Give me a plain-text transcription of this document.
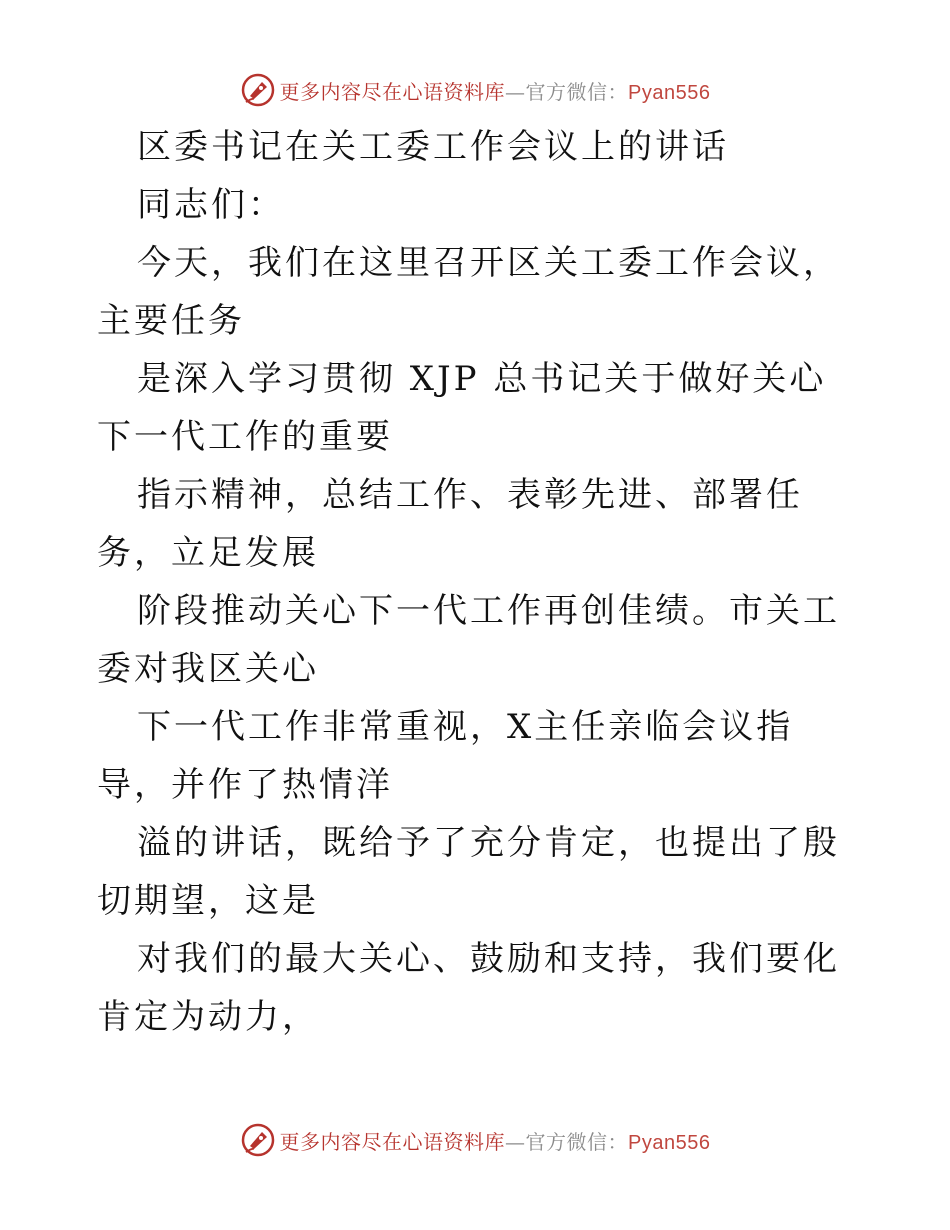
更多内容尽在心语资料库—官方微信：Pyan556

区委书记在关工委工作会议上的讲话

同志们：

今天，我们在这里召开区关工委工作会议，主要任务

是深入学习贯彻 XJP 总书记关于做好关心下一代工作的重要

指示精神，总结工作、表彰先进、部署任务，立足发展

阶段推动关心下一代工作再创佳绩。市关工委对我区关心

下一代工作非常重视，X主任亲临会议指导，并作了热情洋

溢的讲话，既给予了充分肯定，也提出了殷切期望，这是

对我们的最大关心、鼓励和支持，我们要化肯定为动力，

更多内容尽在心语资料库—官方微信：Pyan556
